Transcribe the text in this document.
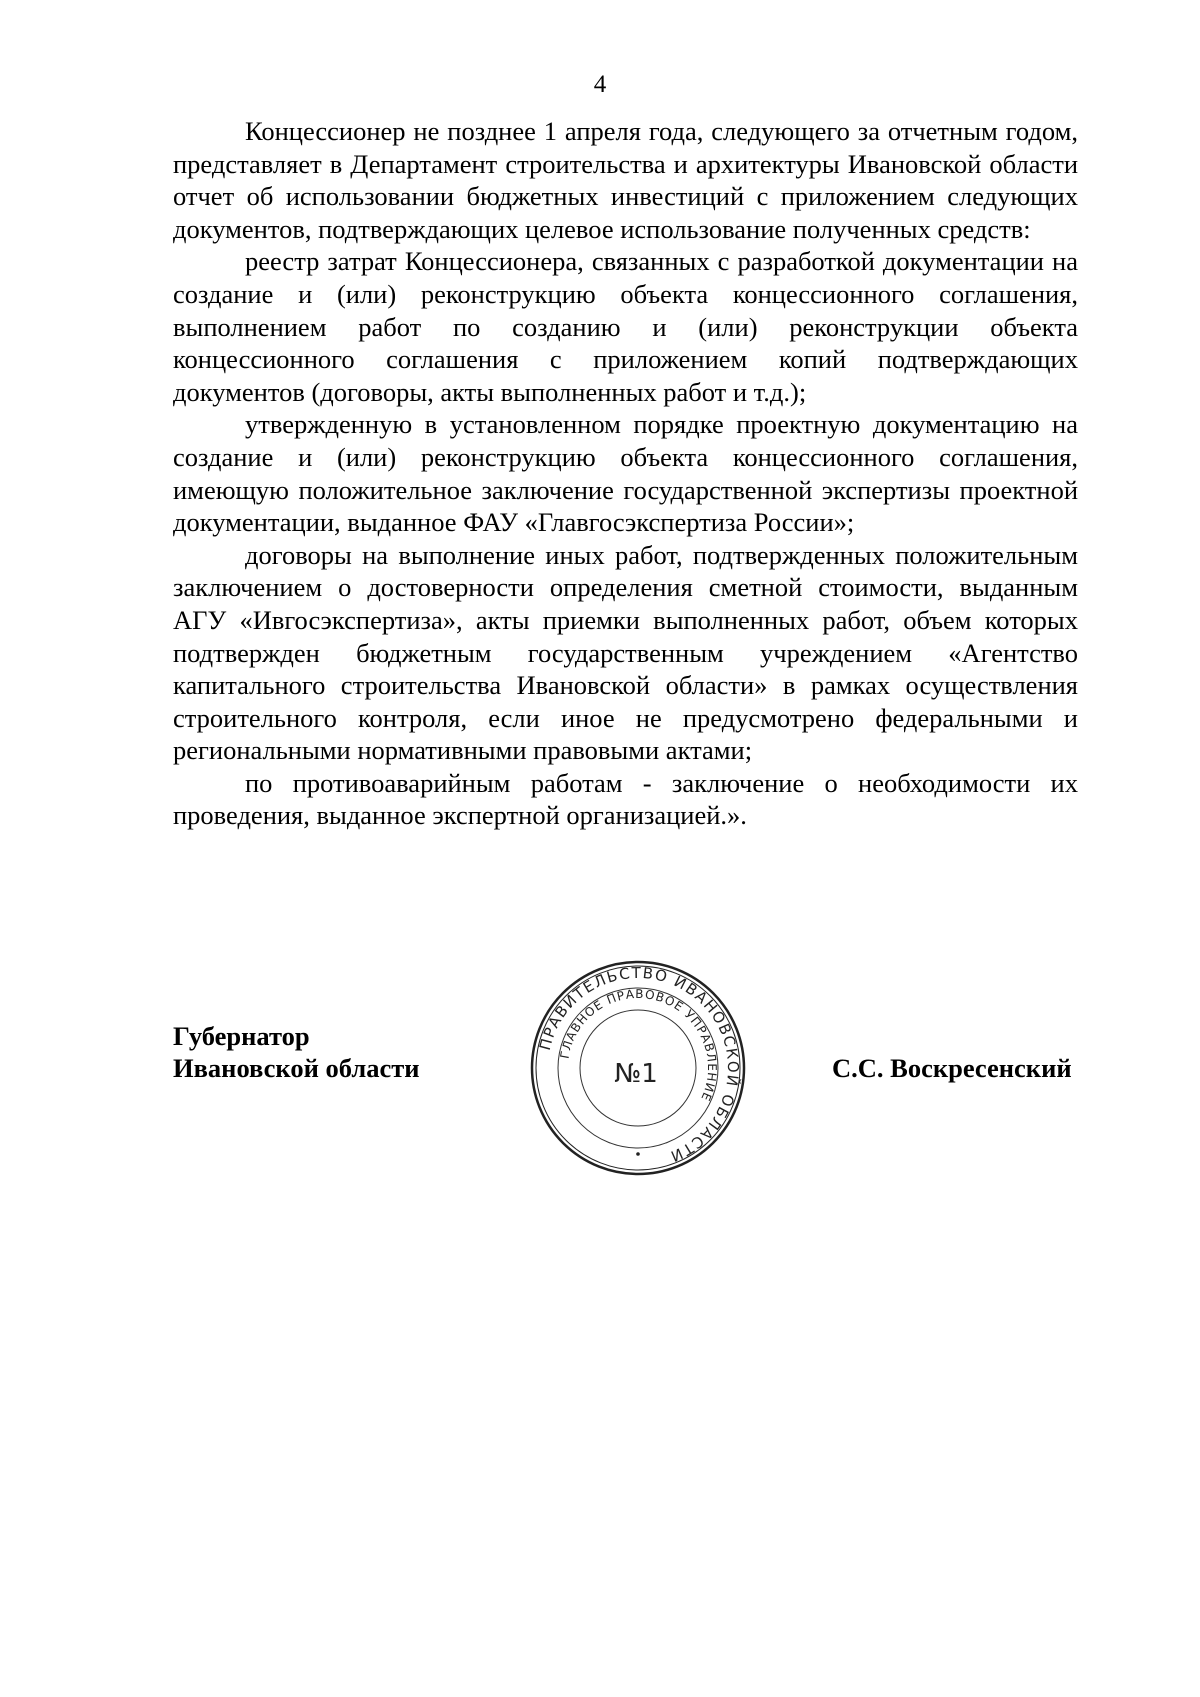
4

Концессионер не позднее 1 апреля года, следующего за отчетным годом, представляет в Департамент строительства и архитектуры Ивановской области отчет об использовании бюджетных инвестиций с приложением следующих документов, подтверждающих целевое использование полученных средств:

реестр затрат Концессионера, связанных с разработкой документации на создание и (или) реконструкцию объекта концессионного соглашения, выполнением работ по созданию и (или) реконструкции объекта концессионного соглашения с приложением копий подтверждающих документов (договоры, акты выполненных работ и т.д.);

утвержденную в установленном порядке проектную документацию на создание и (или) реконструкцию объекта концессионного соглашения, имеющую положительное заключение государственной экспертизы проектной документации, выданное ФАУ «Главгосэкспертиза России»;

договоры на выполнение иных работ, подтвержденных положительным заключением о достоверности определения сметной стоимости, выданным АГУ «Ивгосэкспертиза», акты приемки выполненных работ, объем которых подтвержден бюджетным государственным учреждением «Агентство капитального строительства Ивановской области» в рамках осуществления строительного контроля, если иное не предусмотрено федеральными и региональными нормативными правовыми актами;

по противоаварийным работам - заключение о необходимости их проведения, выданное экспертной организацией.».

Губернатор
Ивановской области
ПРАВИТЕЛЬСТВО ИВАНОВСКОЙ ОБЛАСТИ
ГЛАВНОЕ ПРАВОВОЕ УПРАВЛЕНИЕ
№1	С.С. Воскресенский
